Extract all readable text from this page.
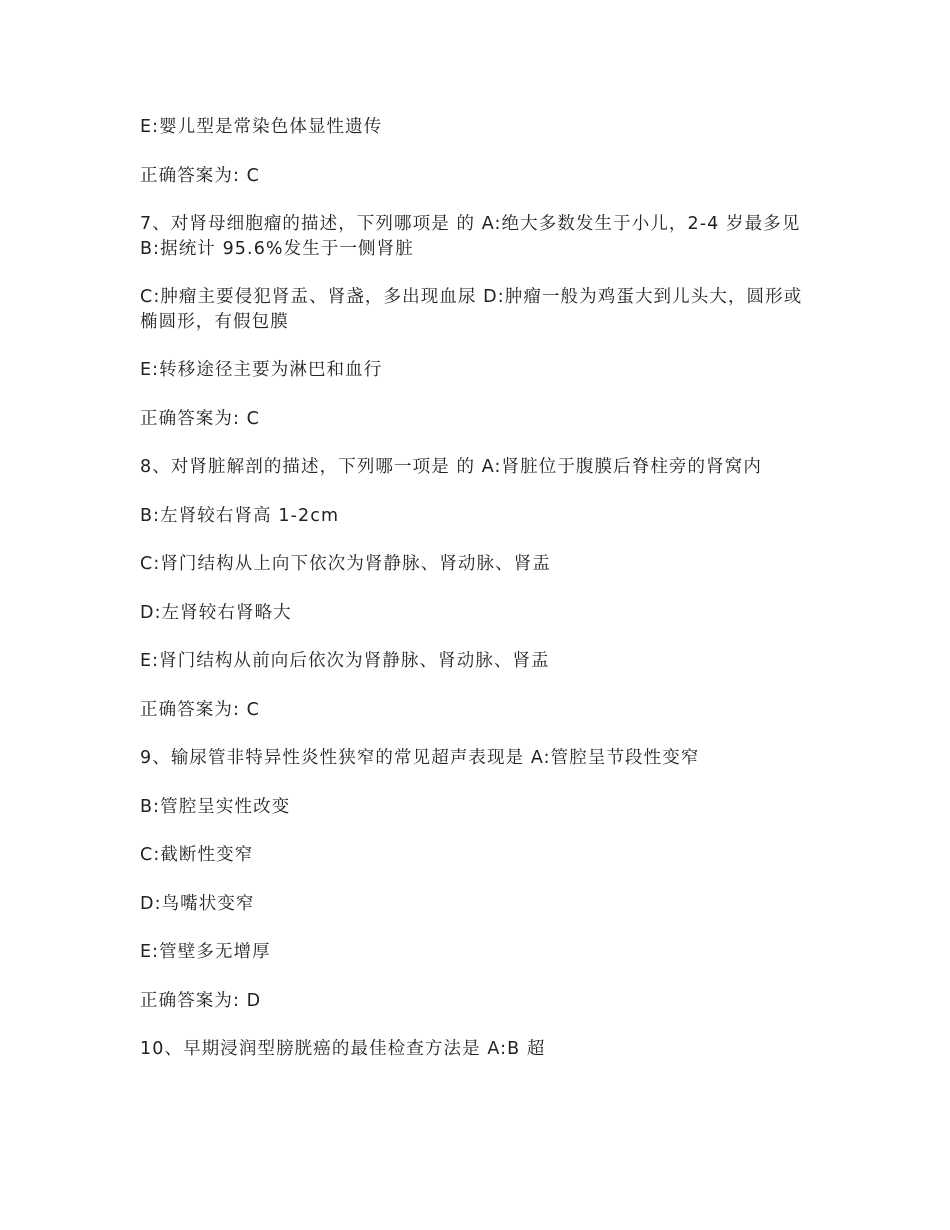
E:婴儿型是常染色体显性遗传

正确答案为: C

7、对肾母细胞瘤的描述，下列哪项是 的 A:绝大多数发生于小儿，2-4 岁最多见 B:据统计 95.6%发生于一侧肾脏

C:肿瘤主要侵犯肾盂、肾盏，多出现血尿 D:肿瘤一般为鸡蛋大到儿头大，圆形或椭圆形，有假包膜

E:转移途径主要为淋巴和血行

正确答案为: C

8、对肾脏解剖的描述，下列哪一项是 的 A:肾脏位于腹膜后脊柱旁的肾窝内

B:左肾较右肾高 1-2cm

C:肾门结构从上向下依次为肾静脉、肾动脉、肾盂

D:左肾较右肾略大

E:肾门结构从前向后依次为肾静脉、肾动脉、肾盂

正确答案为: C

9、输尿管非特异性炎性狭窄的常见超声表现是 A:管腔呈节段性变窄

B:管腔呈实性改变

C:截断性变窄

D:鸟嘴状变窄

E:管壁多无增厚

正确答案为: D

10、早期浸润型膀胱癌的最佳检查方法是 A:B 超
